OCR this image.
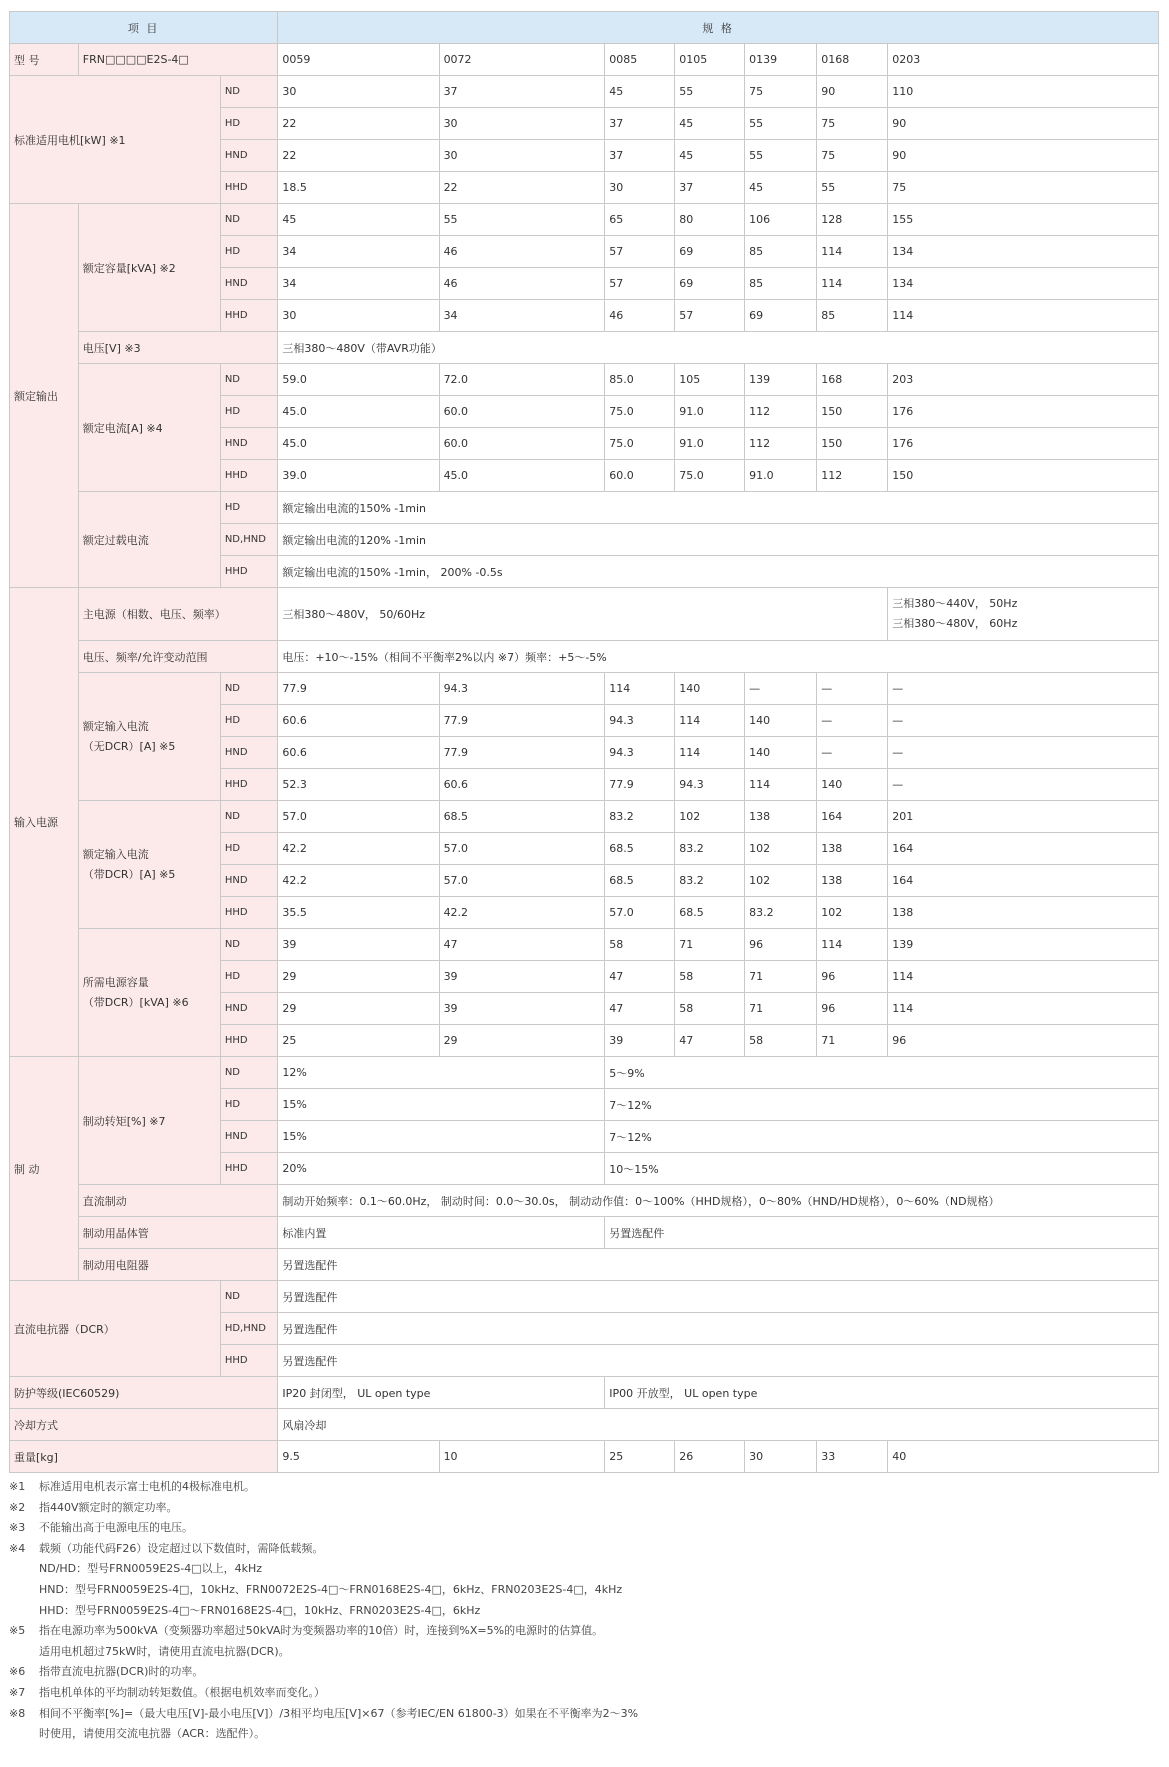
项 目			规 格						
型 号	FRN□□□□E2S-4□		0059	0072	0085	0105	0139	0168	0203
标准适用电机[kW] ※1		ND	30	37	45	55	75	90	110
		HD	22	30	37	45	55	75	90
		HND	22	30	37	45	55	75	90
		HHD	18.5	22	30	37	45	55	75
额定输出	额定容量[kVA] ※2	ND	45	55	65	80	106	128	155
		HD	34	46	57	69	85	114	134
		HND	34	46	57	69	85	114	134
		HHD	30	34	46	57	69	85	114
	电压[V] ※3		三相380～480V（带AVR功能）						
	额定电流[A] ※4	ND	59.0	72.0	85.0	105	139	168	203
		HD	45.0	60.0	75.0	91.0	112	150	176
		HND	45.0	60.0	75.0	91.0	112	150	176
		HHD	39.0	45.0	60.0	75.0	91.0	112	150
	额定过载电流	HD	额定输出电流的150% -1min						
		ND,HND	额定输出电流的120% -1min						
		HHD	额定输出电流的150% -1min， 200% -0.5s						
输入电源	主电源（相数、电压、频率）		三相380～480V， 50/60Hz						三相380～440V， 50Hz
三相380～480V， 60Hz

	电压、频率/允许变动范围		电压：+10～-15%（相间不平衡率2%以内 ※7）频率：+5～-5%						

	额定输入电流
（无DCR）[A] ※5	ND	77.9	94.3	114	140	—	—	—
		HD	60.6	77.9	94.3	114	140	—	—
		HND	60.6	77.9	94.3	114	140	—	—
		HHD	52.3	60.6	77.9	94.3	114	140	—

	额定输入电流
（带DCR）[A] ※5	ND	57.0	68.5	83.2	102	138	164	201
		HD	42.2	57.0	68.5	83.2	102	138	164
		HND	42.2	57.0	68.5	83.2	102	138	164
		HHD	35.5	42.2	57.0	68.5	83.2	102	138

	所需电源容量
（带DCR）[kVA] ※6	ND	39	47	58	71	96	114	139
		HD	29	39	47	58	71	96	114
		HND	29	39	47	58	71	96	114
		HHD	25	29	39	47	58	71	96
制 动	制动转矩[%] ※7	ND	12%		5～9%				
		HD	15%		7～12%				
		HND	15%		7～12%				
		HHD	20%		10～15%				
	直流制动		制动开始频率：0.1～60.0Hz， 制动时间：0.0～30.0s， 制动动作值：0～100%（HHD规格），0～80%（HND/HD规格），0～60%（ND规格）						
	制动用晶体管		标准内置		另置选配件				
	制动用电阻器		另置选配件						
直流电抗器（DCR）		ND	另置选配件						
		HD,HND	另置选配件						
		HHD	另置选配件						
防护等级(IEC60529)			IP20 封闭型， UL open type		IP00 开放型， UL open type				
冷却方式			风扇冷却						
重量[kg]			9.5	10	25	26	30	33	40
※1	标准适用电机表示富士电机的4极标准电机。
※2	指440V额定时的额定功率。
※3	不能输出高于电源电压的电压。
※4	载频（功能代码F26）设定超过以下数值时，需降低载频。
ND/HD：型号FRN0059E2S-4□以上，4kHz
HND：型号FRN0059E2S-4□，10kHz、FRN0072E2S-4□～FRN0168E2S-4□，6kHz、FRN0203E2S-4□，4kHz
HHD：型号FRN0059E2S-4□～FRN0168E2S-4□，10kHz、FRN0203E2S-4□，6kHz
※5	指在电源功率为500kVA（变频器功率超过50kVA时为变频器功率的10倍）时，连接到%X=5%的电源时的估算值。
适用电机超过75kW时，请使用直流电抗器(DCR)。
※6	指带直流电抗器(DCR)时的功率。
※7	指电机单体的平均制动转矩数值。（根据电机效率而变化。）
※8	相间不平衡率[%]=（最大电压[V]-最小电压[V]）/3相平均电压[V]×67（参考IEC/EN 61800-3）如果在不平衡率为2～3%
时使用，请使用交流电抗器（ACR：选配件）。
